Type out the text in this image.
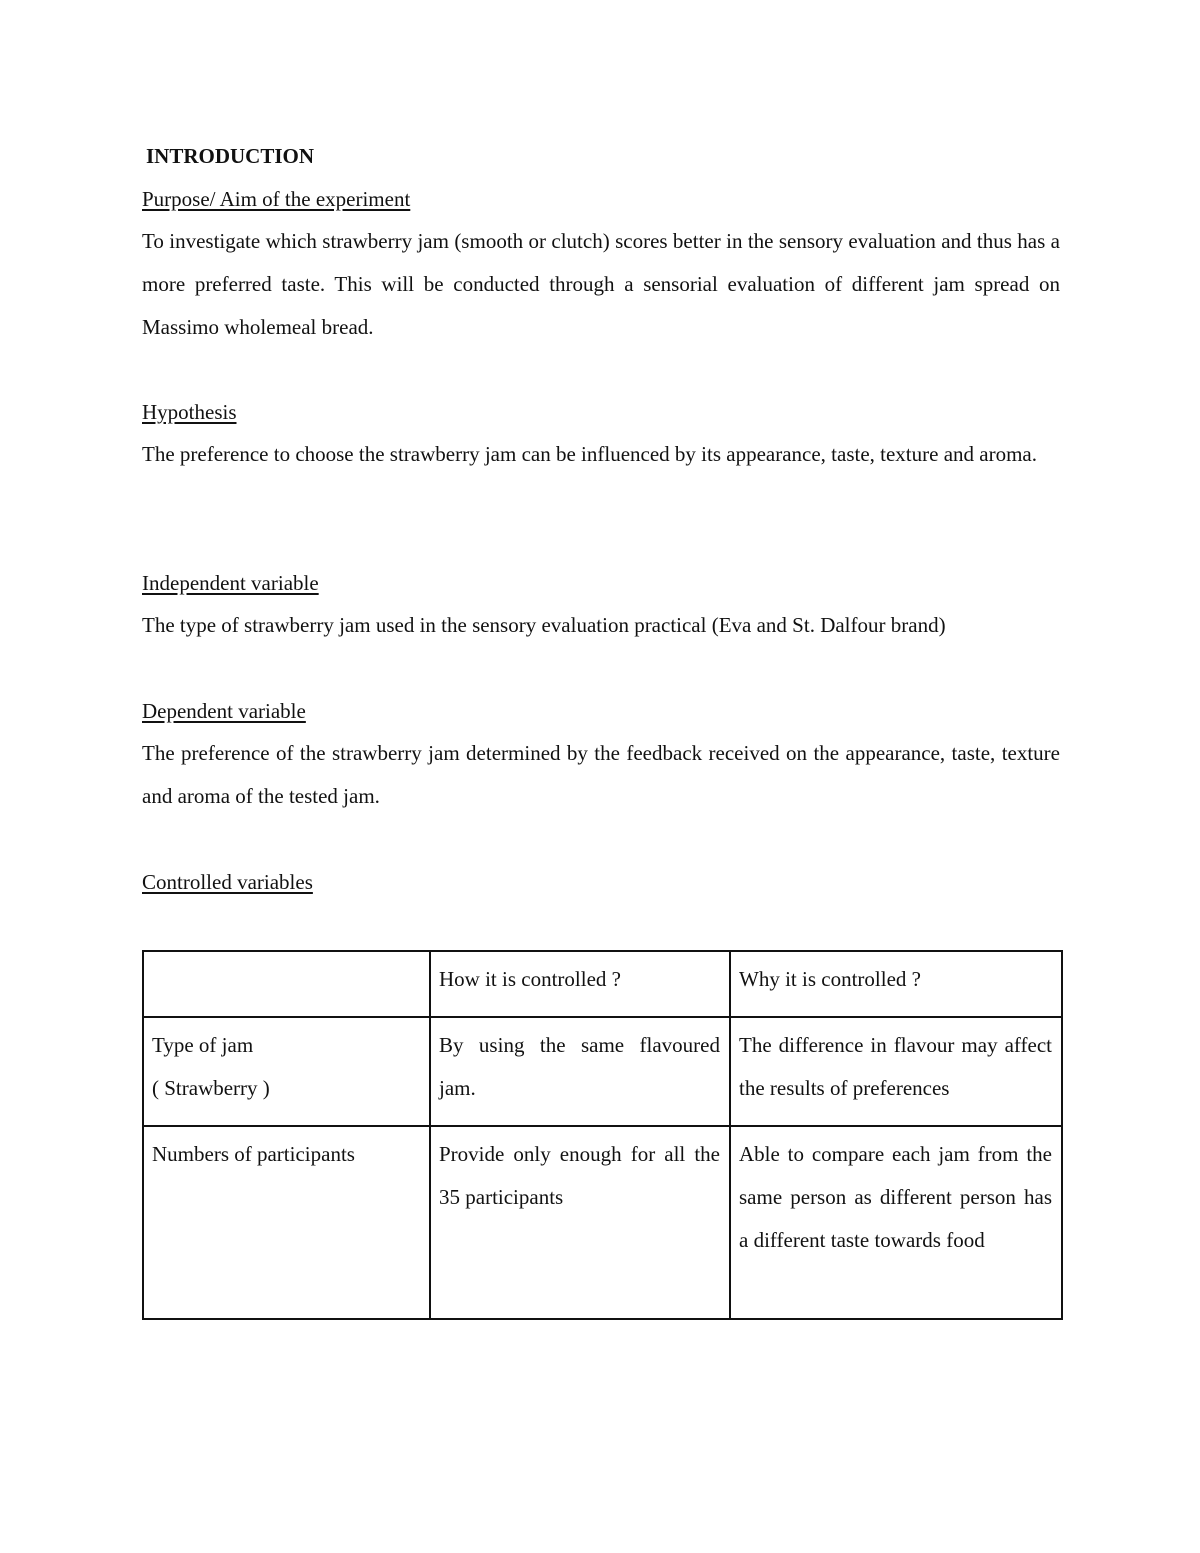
INTRODUCTION
Purpose/ Aim of the experiment
To investigate which strawberry jam (smooth or clutch) scores better in the sensory evaluation and thus has a more preferred taste. This will be conducted through a sensorial evaluation of different jam spread on Massimo wholemeal bread.
Hypothesis
The preference to choose the strawberry jam can be influenced by its appearance, taste, texture and aroma.
Independent variable
The type of strawberry jam used in the sensory evaluation practical (Eva and St. Dalfour brand)
Dependent variable
The preference of the strawberry jam determined by the feedback received on the appearance, taste, texture and aroma of the tested jam.
Controlled variables
	How it is controlled ?	Why it is controlled ?

Type of jam
( Strawberry )	By using the same flavoured jam.	The difference in flavour may affect the results of preferences

Numbers of participants	Provide only enough for all the 35 participants	Able to compare each jam from the same person as different person has a different taste towards food
